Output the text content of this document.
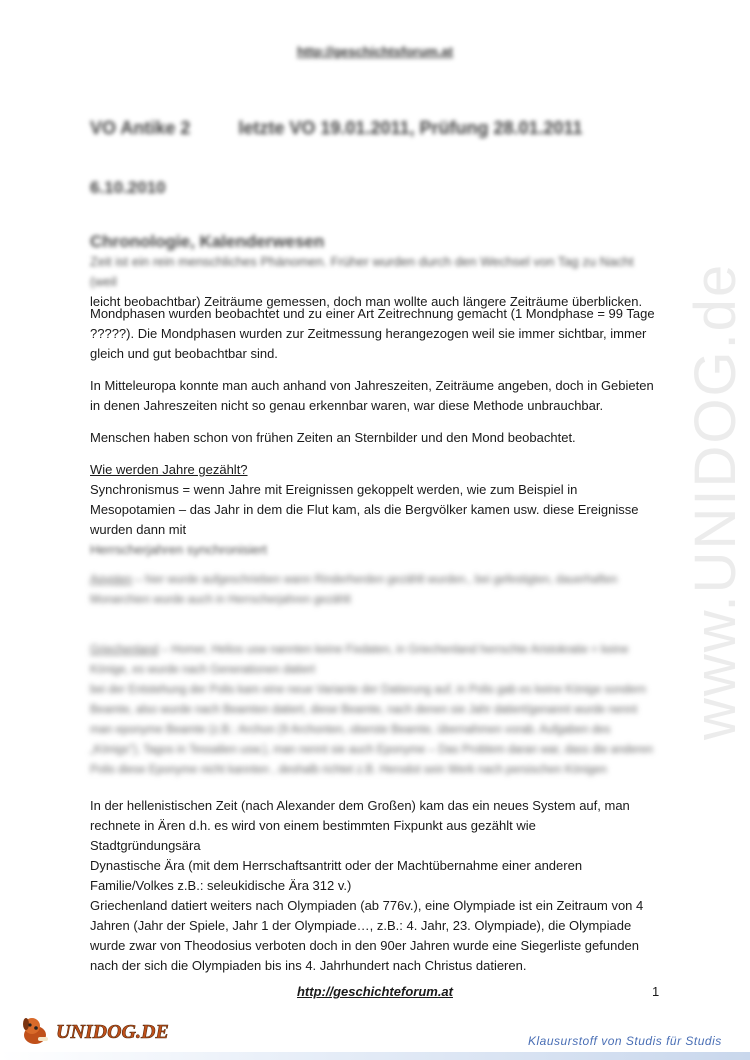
http://geschichtsforum.at
VO Antike 2	letzte VO 19.01.2011, Prüfung 28.01.2011
6.10.2010
Chronologie, Kalenderwesen
Zeit ist ein rein menschliches Phänomen. Früher wurden durch den Wechsel von Tag zu Nacht (weil
leicht beobachtbar) Zeiträume gemessen, doch man wollte auch längere Zeiträume überblicken.
Mondphasen wurden beobachtet und zu einer Art Zeitrechnung gemacht (1 Mondphase = 99 Tage ?????). Die Mondphasen wurden zur Zeitmessung herangezogen weil sie immer sichtbar, immer gleich und gut beobachtbar sind.
In Mitteleuropa konnte man auch anhand von Jahreszeiten, Zeiträume angeben, doch in Gebieten in denen Jahreszeiten nicht so genau erkennbar waren, war diese Methode unbrauchbar.
Menschen haben schon von frühen Zeiten an Sternbilder und den Mond beobachtet.
Wie werden Jahre gezählt?
Synchronismus = wenn Jahre mit Ereignissen gekoppelt werden, wie zum Beispiel in Mesopotamien – das Jahr in dem die Flut kam, als die Bergvölker kamen usw. diese Ereignisse wurden dann mit
Herrscherjahren synchronisiert
Ägypten – hier wurde aufgeschrieben wann Rinderherden gezählt wurden., bei gefestigten, dauerhaften Monarchien wurde auch in Herrscherjahren gezählt
Griechenland – Homer, Helios usw nannten keine Fixdaten, in Griechenland herrschte Aristokratie = keine Könige, es wurde nach Generationen datiert
bei der Entstehung der Polis kam eine neue Variante der Datierung auf, in Polis gab es keine Könige sondern Beamte, also wurde nach Beamten datiert, diese Beamte, nach denen sie Jahr datiert/genannt wurde nennt man eponyme Beamte (z.B.: Archon (9 Archonten, oberste Beamte, übernahmen vorab. Aufgaben des „Königs"), Tagos in Tessalien usw.), man nennt sie auch Eponyme – Das Problem daran war, dass die anderen Polis diese Eponyme nicht kannten , deshalb richtet z.B. Herodot sein Werk nach persischen Königen
In der hellenistischen Zeit (nach Alexander dem Großen) kam das ein neues System auf, man rechnete in Ären d.h. es wird von einem bestimmten Fixpunkt aus gezählt wie
Stadtgründungsära
Dynastische Ära (mit dem Herrschaftsantritt oder der Machtübernahme einer anderen Familie/Volkes z.B.: seleukidische Ära 312 v.)
Griechenland datiert weiters nach Olympiaden (ab 776v.), eine Olympiade ist ein Zeitraum von 4 Jahren (Jahr der Spiele, Jahr 1 der Olympiade…, z.B.: 4. Jahr, 23. Olympiade), die Olympiade wurde zwar von Theodosius verboten doch in den 90er Jahren wurde eine Siegerliste gefunden nach der sich die Olympiaden bis ins 4. Jahrhundert nach Christus datieren.
www.UNIDOG.de
http://geschichteforum.at	1
UNIDOG.DE	Klausurstoff von Studis für Studis
